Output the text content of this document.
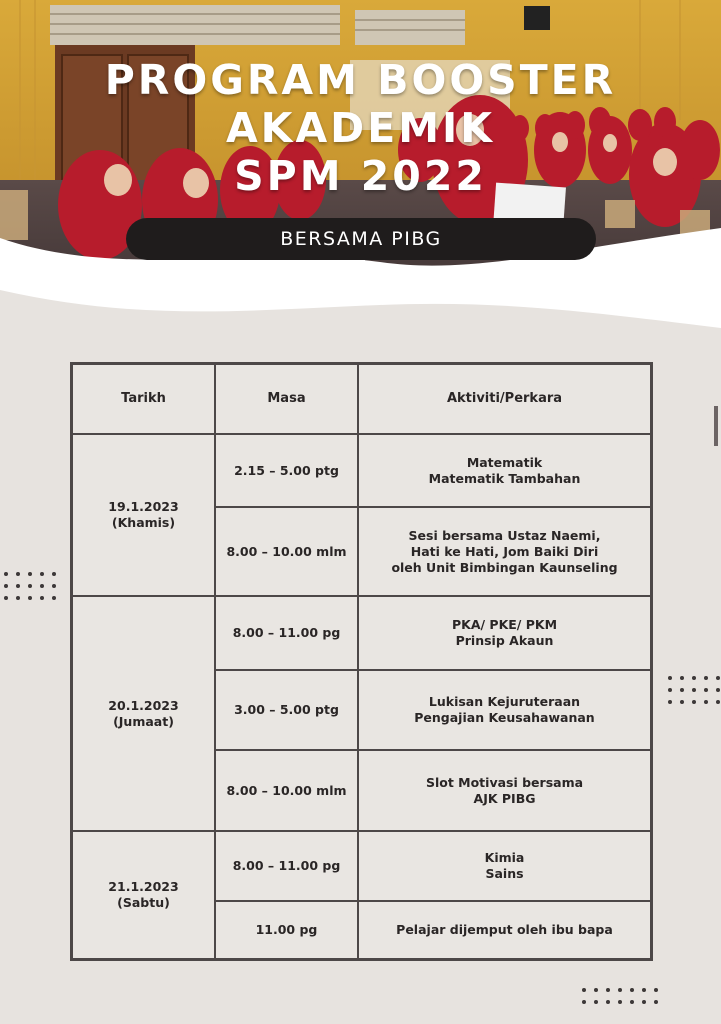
PROGRAM BOOSTER
AKADEMIK
SPM 2022
BERSAMA PIBG
Tarikh	Masa	Aktiviti/Perkara

19.1.2023
(Khamis)	2.15 – 5.00 ptg	Matematik
Matematik Tambahan

	8.00 – 10.00 mlm	Sesi bersama Ustaz Naemi,
Hati ke Hati, Jom Baiki Diri
oleh Unit Bimbingan Kaunseling

20.1.2023
(Jumaat)	8.00 – 11.00 pg	PKA/ PKE/ PKM
Prinsip Akaun

	3.00 – 5.00 ptg	Lukisan Kejuruteraan
Pengajian Keusahawanan

	8.00 – 10.00 mlm	Slot Motivasi bersama
AJK PIBG

21.1.2023
(Sabtu)	8.00 – 11.00 pg	Kimia
Sains

	11.00 pg	Pelajar dijemput oleh ibu bapa
